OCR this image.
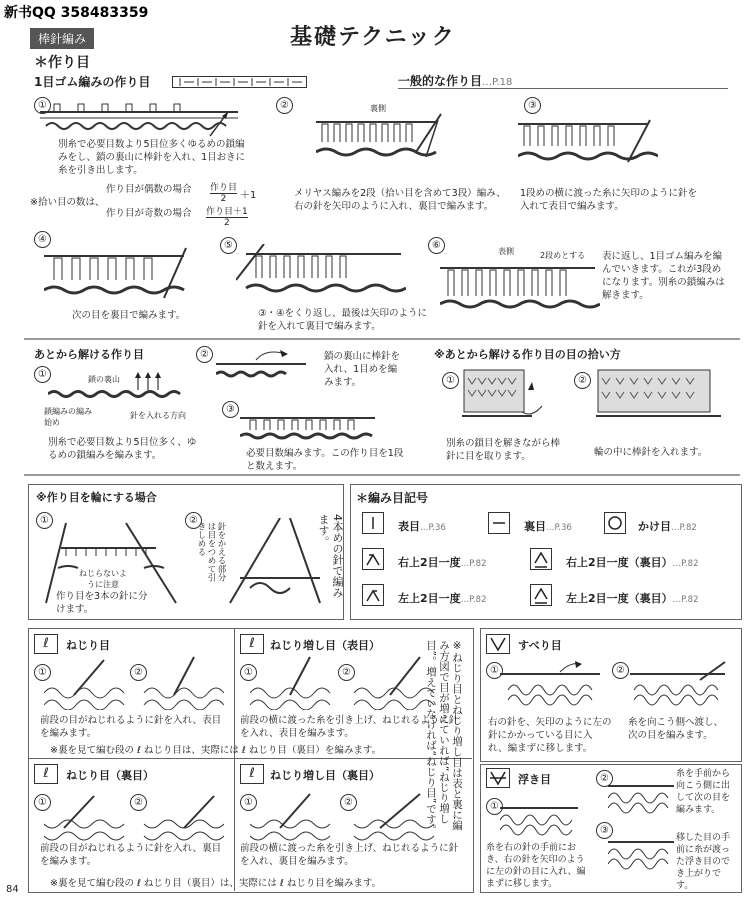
新书QQ 358483359
棒針編み	基礎テクニック
＊作り目
1目ゴム編みの作り目	一般的な作り目…P.18
①	②	③
④
⑤	⑥
裏側
別糸で必要目数より5目位多くゆるめの鎖編みをし、鎖の裏山に棒針を入れ、1目おきに糸を引き出します。
メリヤス編みを2段（拾い目を含めて3段）編み、右の針を矢印のように入れ、裏目で編みます。
1段めの横に渡った糸に矢印のように針を入れて表目で編みます。
※拾い目の数は、
作り目が偶数の場合
作り目が奇数の場合
作り目
2	＋1
作り目＋1
2
表側	2段めとする
次の目を裏目で編みます。	③・④をくり返し、最後は矢印のように針を入れて裏目で編みます。
表に返し、1目ゴム編みを編んでいきます。これが3段めになります。別糸の鎖編みは解きます。
あとから解ける作り目
①
②
③
鎖の裏山
鎖編みの編み始め
針を入れる方向
別糸で必要目数より5目位多く、ゆるめの鎖編みを編みます。
鎖の裏山に棒針を入れ、1目めを編みます。
必要目数編みます。この作り目を1段と数えます。
※あとから解ける作り目の目の拾い方
①	②
別糸の鎖目を解きながら棒針に目を取ります。	輪の中に棒針を入れます。
※作り目を輪にする場合
①	②
ねじらないように注意
作り目を3本の針に分けます。
針をかえる部分は目をつめて引きしめる	4本めの針で編みます。
＊編み目記号
表目…P.36	裏目…P.36	かけ目…P.82
右上2目一度…P.82	右上2目一度（裏目）…P.82
左上2目一度…P.82	左上2目一度（裏目）…P.82
ℓ	ねじり目
①	②
前段の目がねじれるように針を入れ、表目を編みます。
※裏を見て編む段の ℓ ねじり目は、実際には ℓ ねじり目（裏目）を編みます。
ℓ	ねじり増し目（表目）
①	②
前段の横に渡った糸を引き上げ、ねじれるように針を入れ、表目を編みます。
ℓ	ねじり目（裏目）
①	②
前段の目がねじれるように針を入れ、裏目を編みます。
※裏を見て編む段の ℓ ねじり目（裏目）は、実際には ℓ ねじり目を編みます。
ℓ	ねじり増し目（裏目）
①	②
前段の横に渡った糸を引き上げ、ねじれるように針を入れ、裏目を編みます。
※ねじり目とねじり増し目は表と裏に編み方図で目が増えていれば“ねじり増し目”。増えていなければ“ねじり目”です。	すべり目
①	②
右の針を、矢印のように左の針にかかっている目に入れ、編まずに移します。
糸を向こう側へ渡し、次の目を編みます。
浮き目
①
②
③
糸を右の針の手前におき、右の針を矢印のように左の針の目に入れ、編まずに移します。
糸を手前から向こう側に出して次の目を編みます。
移した目の手前に糸が渡った浮き目のでき上がりです。
84
